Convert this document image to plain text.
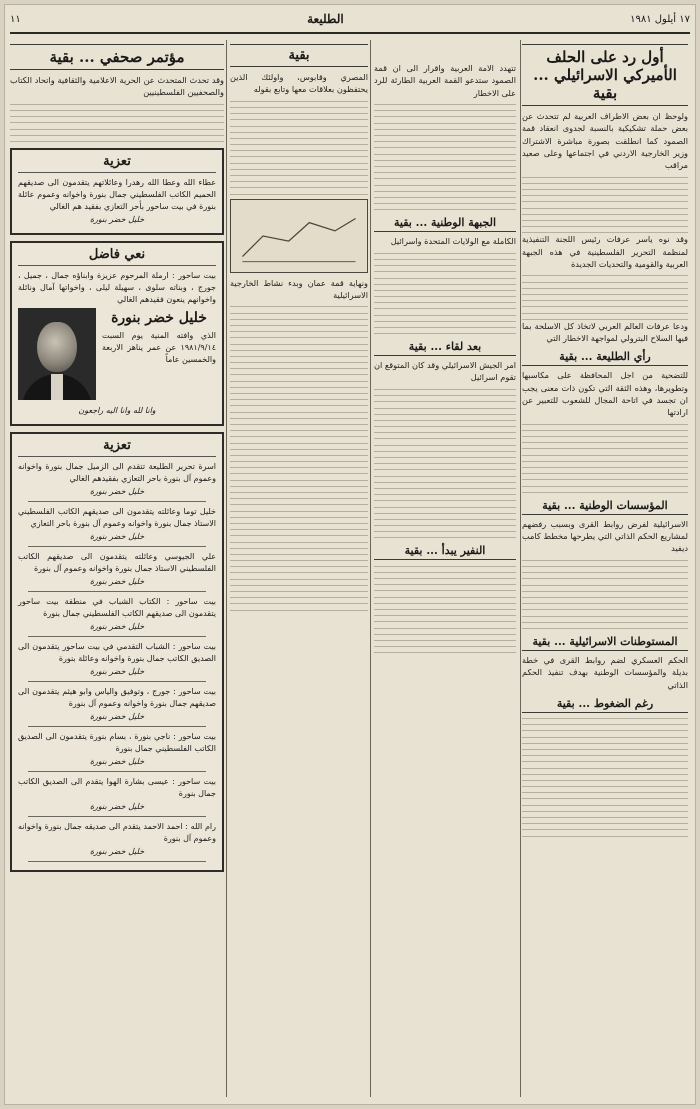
١٧ أيلول ١٩٨١
الطليعة
١١
أول رد على الحلف الأميركي الاسرائيلي ... بقية

ولوحظ ان بعض الاطراف العربية لم تتحدث عن بعض حملة تشكيكية بالنسبة لجدوى انعقاد قمة الصمود كما انطلقت بصورة مباشرة الاشتراك وزير الخارجية الاردني في اجتماعها وعلى صعيد مراقب

وقد نوه ياسر عرفات رئيس اللجنة التنفيذية لمنظمة التحرير الفلسطينية في هذه الجبهة العربية والقومية والتحديات الجديدة

ودعا عرفات العالم العربي لاتخاذ كل الاسلحة بما فيها السلاح البترولي لمواجهة الاخطار التي

رأي الطليعة ... بقية

للتضحية من اجل المحافظة على مكاسبها وتطويرها، وهذه الثقة التي تكون ذات معنى يجب ان تجسد في اتاحة المجال للشعوب للتعبير عن ارادتها

المؤسسات الوطنية ... بقية

الاسرائيلية لفرض روابط القرى وبسبب رفضهم لمشاريع الحكم الذاتي التي يطرحها مخطط كامب ديفيد

المستوطنات الاسرائيلية ... بقية

الحكم العسكري لضم روابط القرى في خطة بديلة والمؤسسات الوطنية بهدف تنفيذ الحكم الذاتي

رغم الضغوط ... بقية

تتهدد الامة العربية واقرار الى ان قمة الصمود ستدعو القمة العربية الطارئة للرد على الاخطار

الجبهة الوطنية ... بقية

الكاملة مع الولايات المتحدة واسرائيل

بعد لقاء ... بقية

امر الجيش الاسرائيلي وقد كان المتوقع ان تقوم اسرائيل

النفير يبدأ ... بقية
بقية

المصري وقابوس، واولئك الذين يحتفظون بعلاقات معها وتابع بقوله

ونهاية قمة عمان وبدء نشاط الخارجية الاسرائيلية

مؤتمر صحفي ... بقية

وقد تحدث المتحدث عن الحرية الاعلامية والثقافية واتحاد الكتاب والصحفيين الفلسطينيين

تعزية

عطاء الله وعطا الله رهدرا وعائلاتهم يتقدمون الى صديقهم الحميم الكاتب الفلسطيني جمال بنورة واخوانه وعموم عائلة بنورة في بيت ساحور بأحر التعازي بفقيد هم الغالي

خليل خضر بنورة
نعي فاضل

بيت ساحور : ارملة المرحوم عزيزة وابناؤه جمال ، جميل ، جورج ، وبناته سلوى ، سهيلة ليلى ، واخواتها آمال ونائلة واخوانهم ينعون فقيدهم الغالي

خليل خضر بنورة

الذي وافته المنية يوم السبت ١٩٨١/٩/١٤ عن عمر يناهز الاربعة والخمسين عاماً

وانا لله وانا اليه راجعون
تعزية

اسرة تحرير الطليعة تتقدم الى الزميل جمال بنورة واخوانه وعموم آل بنورة باحر التعازي بفقيدهم الغالي

خليل خضر بنورة

خليل توما وعائلته يتقدمون الى صديقهم الكاتب الفلسطيني الاستاذ جمال بنورة واخوانه وعموم آل بنورة باحر التعازي

خليل خضر بنورة

علي الجيوسي وعائلته يتقدمون الى صديقهم الكاتب الفلسطيني الاستاذ جمال بنورة واخوانه وعموم آل بنورة

خليل خضر بنورة

بيت ساحور : الكتاب الشباب في منطقة بيت ساحور يتقدمون الى صديقهم الكاتب الفلسطيني جمال بنورة

خليل خضر بنورة

بيت ساحور : الشباب التقدمي في بيت ساحور يتقدمون الى الصديق الكاتب جمال بنورة واخوانه وعائلة بنورة

خليل خضر بنورة

بيت ساحور : جورج ، وتوفيق والياس وابو هيثم يتقدمون الى صديقهم جمال بنورة واخوانه وعموم آل بنورة

خليل خضر بنورة

بيت ساحور : ناجي بنورة ، بسام بنورة يتقدمون الى الصديق الكاتب الفلسطيني جمال بنورة

خليل خضر بنورة

بيت ساحور : عيسى بشارة الهوا يتقدم الى الصديق الكاتب جمال بنورة

خليل خضر بنورة

رام الله : احمد الاحمد يتقدم الى صديقه جمال بنورة واخوانه وعموم آل بنورة

خليل خضر بنورة
